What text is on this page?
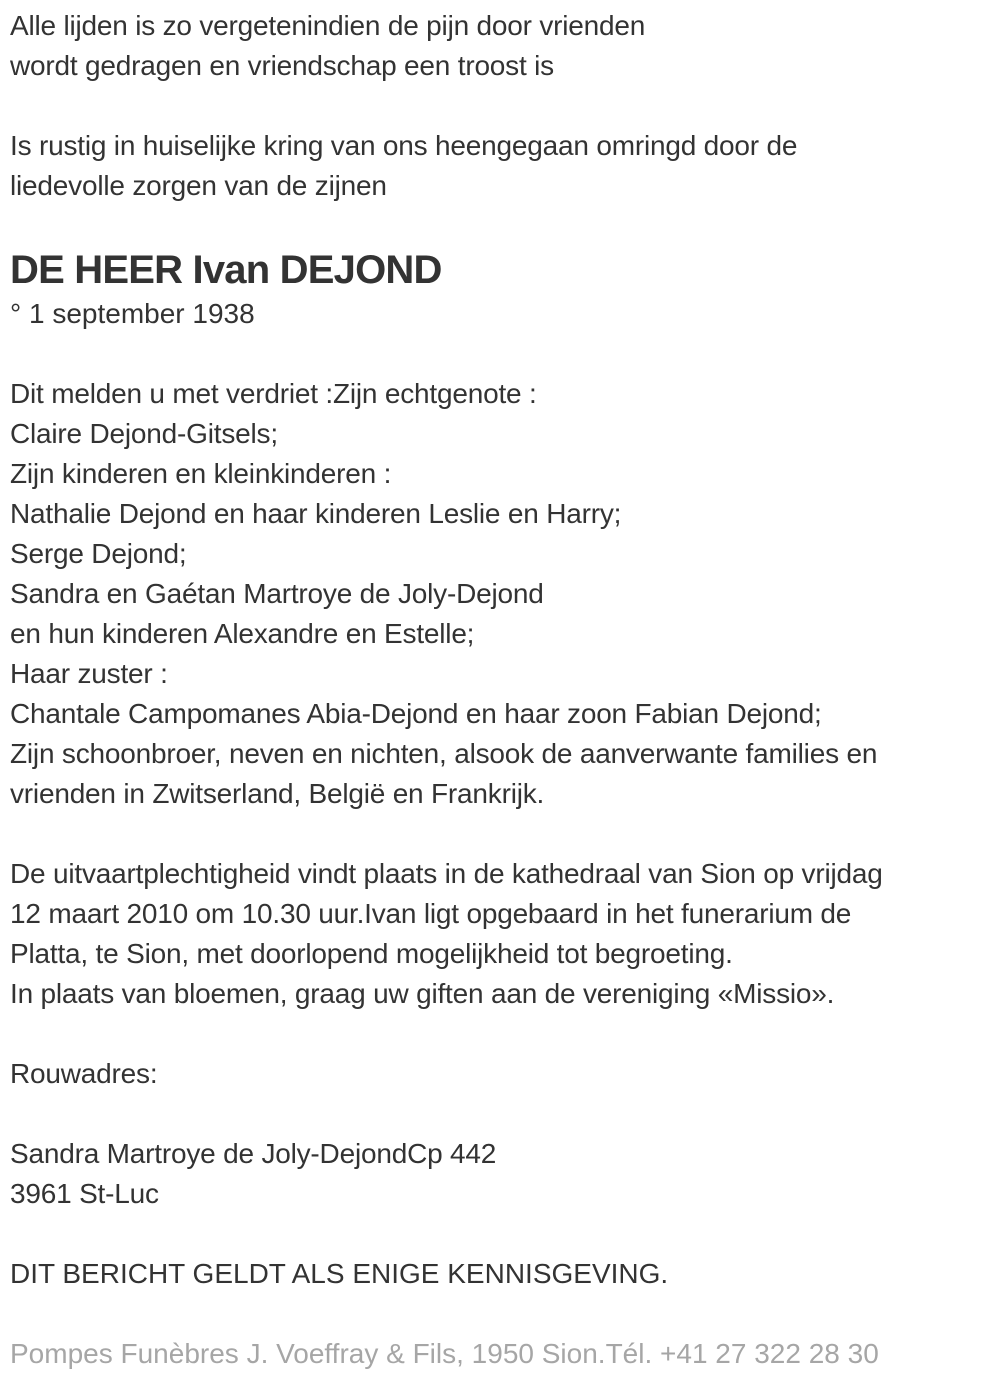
Alle lijden is zo vergetenindien de pijn door vrienden
wordt gedragen en vriendschap een troost is

Is rustig in huiselijke kring van ons heengegaan omringd door de
liedevolle zorgen van de zijnen

DE HEER Ivan DEJOND

° 1 september 1938

Dit melden u met verdriet :Zijn echtgenote :
Claire Dejond-Gitsels;
Zijn kinderen en kleinkinderen :
Nathalie Dejond en haar kinderen Leslie en Harry;
Serge Dejond;
Sandra en Gaétan Martroye de Joly-Dejond
en hun kinderen Alexandre en Estelle;
Haar zuster :
Chantale Campomanes Abia-Dejond en haar zoon Fabian Dejond;
Zijn schoonbroer, neven en nichten, alsook de aanverwante families en
vrienden in Zwitserland, België en Frankrijk.

De uitvaartplechtigheid vindt plaats in de kathedraal van Sion op vrijdag
12 maart 2010 om 10.30 uur.Ivan ligt opgebaard in het funerarium de
Platta, te Sion, met doorlopend mogelijkheid tot begroeting.
In plaats van bloemen, graag uw giften aan de vereniging «Missio».

Rouwadres:

Sandra Martroye de Joly-DejondCp 442
3961 St-Luc

DIT BERICHT GELDT ALS ENIGE KENNISGEVING.

Pompes Funèbres J. Voeffray & Fils, 1950 Sion.Tél. +41 27 322 28 30
